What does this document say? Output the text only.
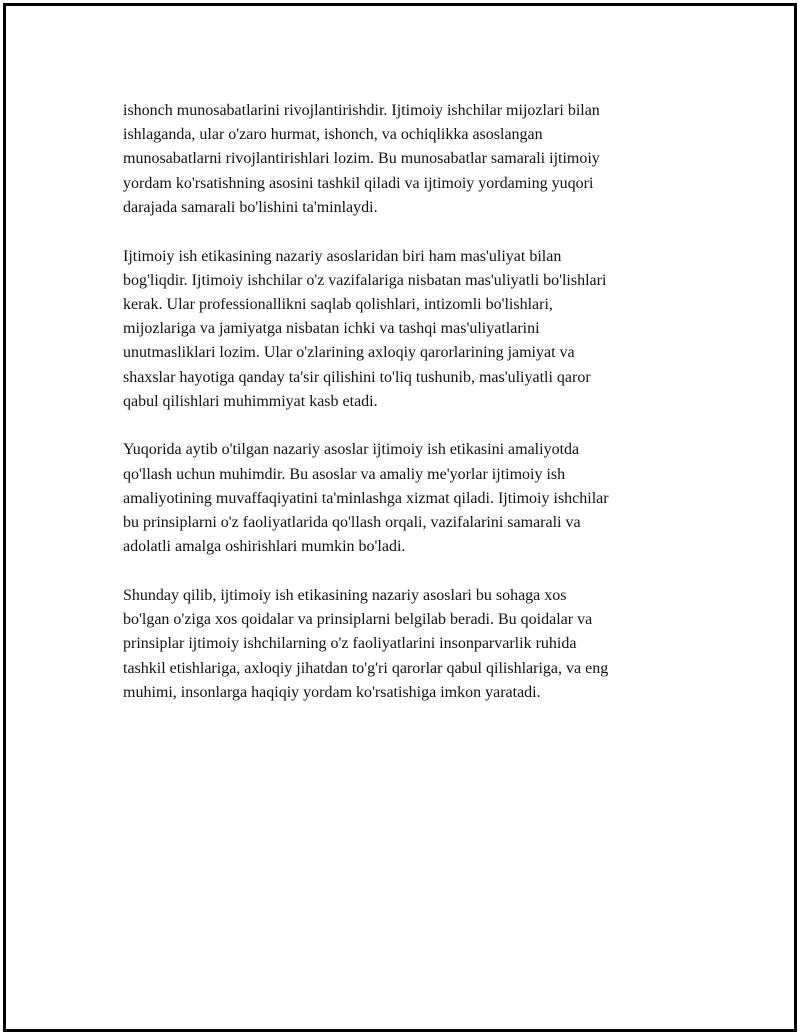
ishonch munosabatlarini rivojlantirishdir. Ijtimoiy ishchilar mijozlari bilan
ishlaganda, ular o'zaro hurmat, ishonch, va ochiqlikka asoslangan
munosabatlarni rivojlantirishlari lozim. Bu munosabatlar samarali ijtimoiy
yordam ko'rsatishning asosini tashkil qiladi va ijtimoiy yordaming yuqori
darajada samarali bo'lishini ta'minlaydi.

Ijtimoiy ish etikasining nazariy asoslaridan biri ham mas'uliyat bilan
bog'liqdir. Ijtimoiy ishchilar o'z vazifalariga nisbatan mas'uliyatli bo'lishlari
kerak. Ular professionallikni saqlab qolishlari, intizomli bo'lishlari,
mijozlariga va jamiyatga nisbatan ichki va tashqi mas'uliyatlarini
unutmasliklari lozim. Ular o'zlarining axloqiy qarorlarining jamiyat va
shaxslar hayotiga qanday ta'sir qilishini to'liq tushunib, mas'uliyatli qaror
qabul qilishlari muhimmiyat kasb etadi.

Yuqorida aytib o'tilgan nazariy asoslar ijtimoiy ish etikasini amaliyotda
qo'llash uchun muhimdir. Bu asoslar va amaliy me'yorlar ijtimoiy ish
amaliyotining muvaffaqiyatini ta'minlashga xizmat qiladi. Ijtimoiy ishchilar
bu prinsiplarni o'z faoliyatlarida qo'llash orqali, vazifalarini samarali va
adolatli amalga oshirishlari mumkin bo'ladi.

Shunday qilib, ijtimoiy ish etikasining nazariy asoslari bu sohaga xos
bo'lgan o'ziga xos qoidalar va prinsiplarni belgilab beradi. Bu qoidalar va
prinsiplar ijtimoiy ishchilarning o'z faoliyatlarini insonparvarlik ruhida
tashkil etishlariga, axloqiy jihatdan to'g'ri qarorlar qabul qilishlariga, va eng
muhimi, insonlarga haqiqiy yordam ko'rsatishiga imkon yaratadi.
